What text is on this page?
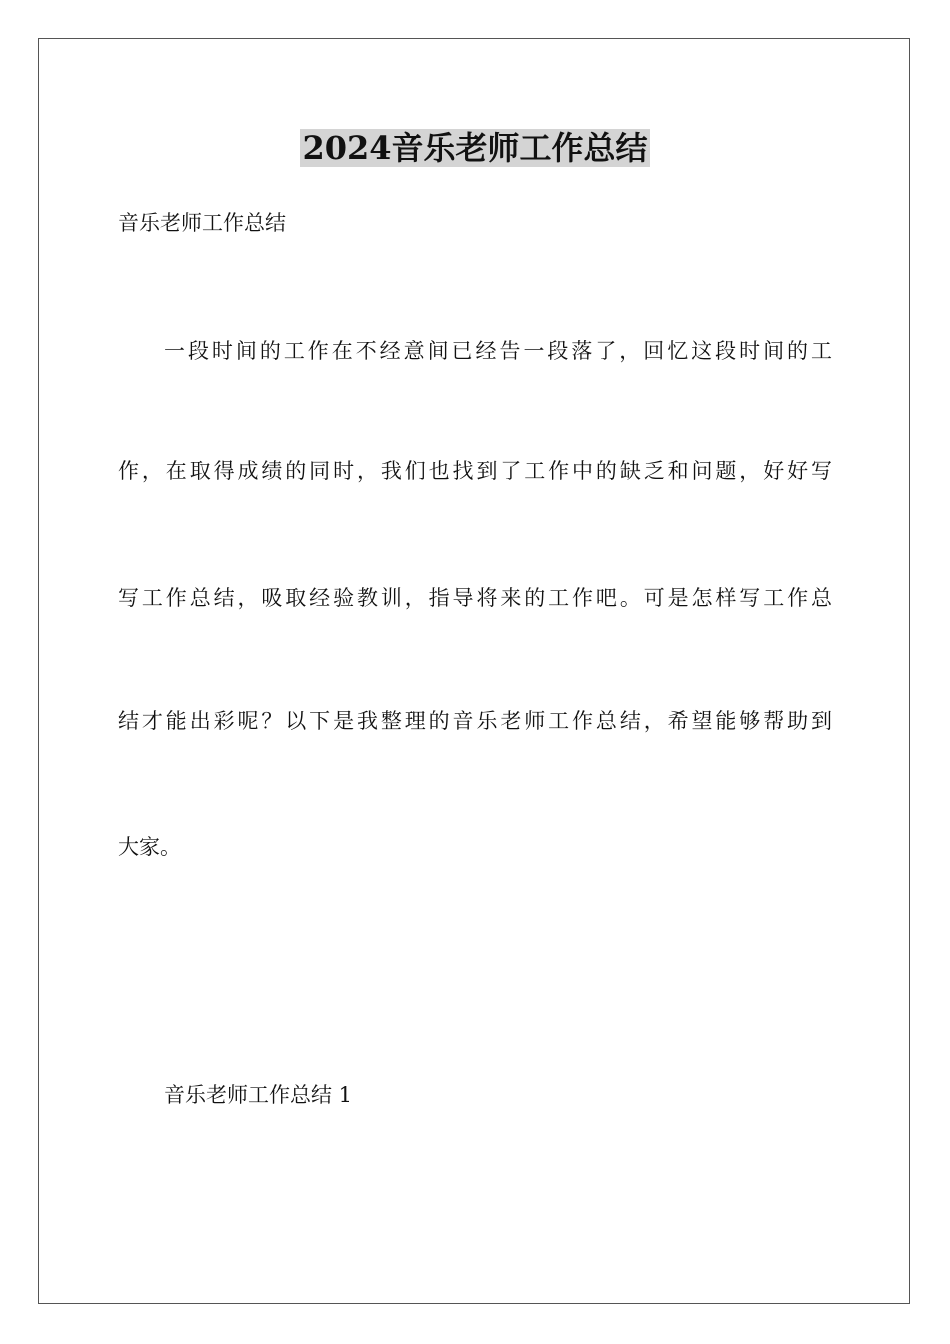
2024音乐老师工作总结

音乐老师工作总结

一段时间的工作在不经意间已经告一段落了，回忆这段时间的工

作，在取得成绩的同时，我们也找到了工作中的缺乏和问题，好好写

写工作总结，吸取经验教训，指导将来的工作吧。可是怎样写工作总

结才能出彩呢？以下是我整理的音乐老师工作总结，希望能够帮助到

大家。

音乐老师工作总结 1
